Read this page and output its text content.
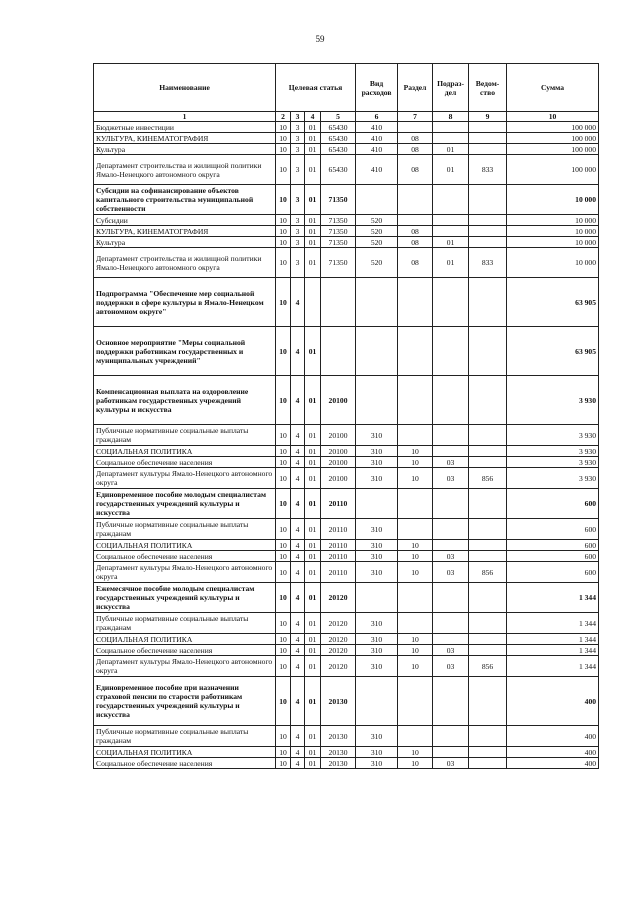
59
Наименование	Целевая статья				Вид расходов	Раздел	Подраз-дел	Ведом-ство	Сумма
1	2	3	4	5	6	7	8	9	10
Бюджетные инвестиции	10	3	01	65430	410				100 000
КУЛЬТУРА, КИНЕМАТОГРАФИЯ	10	3	01	65430	410	08			100 000
Культура	10	3	01	65430	410	08	01		100 000
Департамент строительства и жилищной политики Ямало-Ненецкого автономного округа	10	3	01	65430	410	08	01	833	100 000
Субсидии на софинансирование объектов капитального строительства муниципальной собственности	10	3	01	71350					10 000
Субсидии	10	3	01	71350	520				10 000
КУЛЬТУРА, КИНЕМАТОГРАФИЯ	10	3	01	71350	520	08			10 000
Культура	10	3	01	71350	520	08	01		10 000
Департамент строительства и жилищной политики Ямало-Ненецкого автономного округа	10	3	01	71350	520	08	01	833	10 000
Подпрограмма "Обеспечение мер социальной поддержки в сфере культуры в Ямало-Ненецком автономном округе"	10	4							63 905
Основное мероприятие "Меры социальной поддержки работникам государственных и муниципальных учреждений"	10	4	01						63 905
Компенсационная выплата на оздоровление работникам государственных учреждений культуры и искусства	10	4	01	20100					3 930
Публичные нормативные социальные выплаты гражданам	10	4	01	20100	310				3 930
СОЦИАЛЬНАЯ ПОЛИТИКА	10	4	01	20100	310	10			3 930
Социальное обеспечение населения	10	4	01	20100	310	10	03		3 930
Департамент культуры Ямало-Ненецкого автономного округа	10	4	01	20100	310	10	03	856	3 930
Единовременное пособие молодым специалистам государственных учреждений культуры и искусства	10	4	01	20110					600
Публичные нормативные социальные выплаты гражданам	10	4	01	20110	310				600
СОЦИАЛЬНАЯ ПОЛИТИКА	10	4	01	20110	310	10			600
Социальное обеспечение населения	10	4	01	20110	310	10	03		600
Департамент культуры Ямало-Ненецкого автономного округа	10	4	01	20110	310	10	03	856	600
Ежемесячное пособие молодым специалистам государственных учреждений культуры и искусства	10	4	01	20120					1 344
Публичные нормативные социальные выплаты гражданам	10	4	01	20120	310				1 344
СОЦИАЛЬНАЯ ПОЛИТИКА	10	4	01	20120	310	10			1 344
Социальное обеспечение населения	10	4	01	20120	310	10	03		1 344
Департамент культуры Ямало-Ненецкого автономного округа	10	4	01	20120	310	10	03	856	1 344
Единовременное пособие при назначении страховой пенсии по старости работникам государственных учреждений культуры и искусства	10	4	01	20130					400
Публичные нормативные социальные выплаты гражданам	10	4	01	20130	310				400
СОЦИАЛЬНАЯ ПОЛИТИКА	10	4	01	20130	310	10			400
Социальное обеспечение населения	10	4	01	20130	310	10	03		400
